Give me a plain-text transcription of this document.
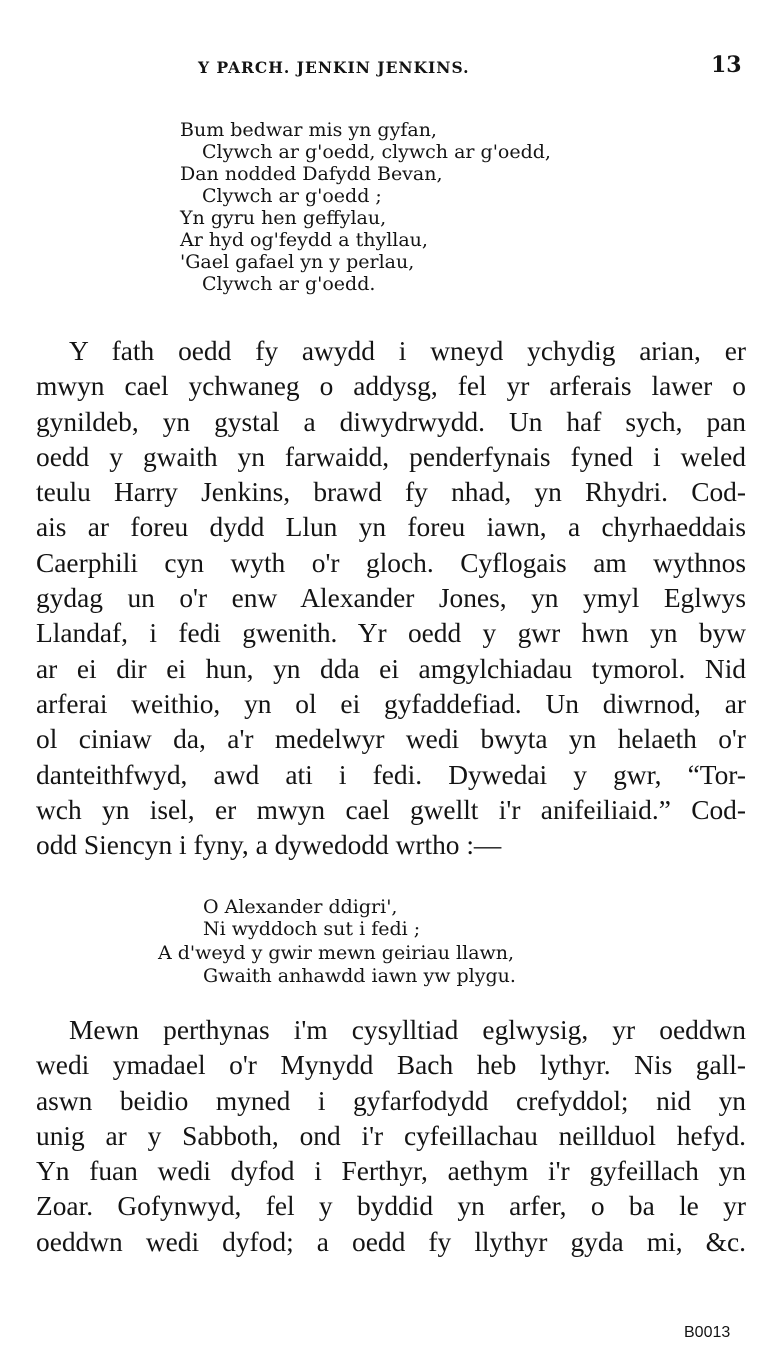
Y PARCH. JENKIN JENKINS.	13
Bum bedwar mis yn gyfan,
Clywch ar g'oedd, clywch ar g'oedd,
Dan nodded Dafydd Bevan,
Clywch ar g'oedd ;
Yn gyru hen geffylau,
Ar hyd og'feydd a thyllau,
'Gael gafael yn y perlau,
Clywch ar g'oedd.
Y fath oedd fy awydd i wneyd ychydig arian, er
mwyn cael ychwaneg o addysg, fel yr arferais lawer o
gynildeb, yn gystal a diwydrwydd. Un haf sych, pan
oedd y gwaith yn farwaidd, penderfynais fyned i weled
teulu Harry Jenkins, brawd fy nhad, yn Rhydri. Cod-
ais ar foreu dydd Llun yn foreu iawn, a chyrhaeddais
Caerphili cyn wyth o'r gloch. Cyflogais am wythnos
gydag un o'r enw Alexander Jones, yn ymyl Eglwys
Llandaf, i fedi gwenith. Yr oedd y gwr hwn yn byw
ar ei dir ei hun, yn dda ei amgylchiadau tymorol. Nid
arferai weithio, yn ol ei gyfaddefiad. Un diwrnod, ar
ol ciniaw da, a'r medelwyr wedi bwyta yn helaeth o'r
danteithfwyd, awd ati i fedi. Dywedai y gwr, “Tor-
wch yn isel, er mwyn cael gwellt i'r anifeiliaid.” Cod-
odd Siencyn i fyny, a dywedodd wrtho :—
O Alexander ddigri',
Ni wyddoch sut i fedi ;
A d'weyd y gwir mewn geiriau llawn,
Gwaith anhawdd iawn yw plygu.
Mewn perthynas i'm cysylltiad eglwysig, yr oeddwn
wedi ymadael o'r Mynydd Bach heb lythyr. Nis gall-
aswn beidio myned i gyfarfodydd crefyddol; nid yn
unig ar y Sabboth, ond i'r cyfeillachau neillduol hefyd.
Yn fuan wedi dyfod i Ferthyr, aethym i'r gyfeillach yn
Zoar. Gofynwyd, fel y byddid yn arfer, o ba le yr
oeddwn wedi dyfod; a oedd fy llythyr gyda mi, &c.
B0013
